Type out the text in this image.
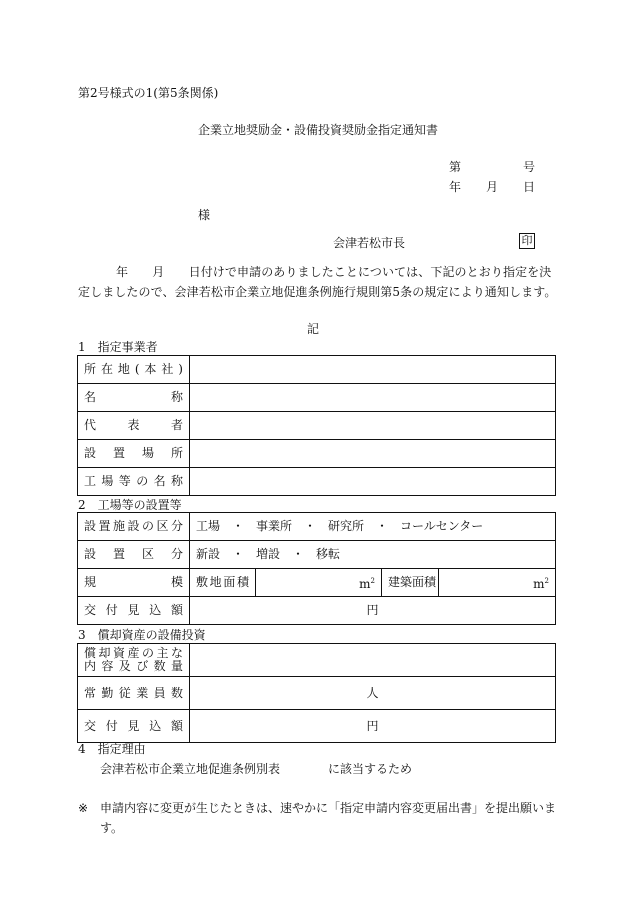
第2号様式の1(第5条関係)
企業立地奨励金・設備投資奨励金指定通知書
第	号
年 月 日
様
会津若松市長	印
年　　月　　日付けで申請のありましたことについては、下記のとおり指定を決定しましたので、会津若松市企業立地促進条例施行規則第5条の規定により通知します。
記
1　指定事業者
所在地(本社)	
名称	
代表者	
設置場所	
工場等の名称	
2　工場等の設置等
設置施設の区分	工場　・　事業所　・　研究所　・　コールセンター			
設置区分	新設　・　増設　・　移転			
規模	敷地面積	$m^2$	建築面積	$m^2$
交付見込額	円			
3　償却資産の設備投資
償却資産の主な
内容及び数量	

常勤従業員数	人
交付見込額	円
4　指定理由
会津若松市企業立地促進条例別表	に該当するため
※ 申請内容に変更が生じたときは、速やかに「指定申請内容変更届出書」を提出願います。
